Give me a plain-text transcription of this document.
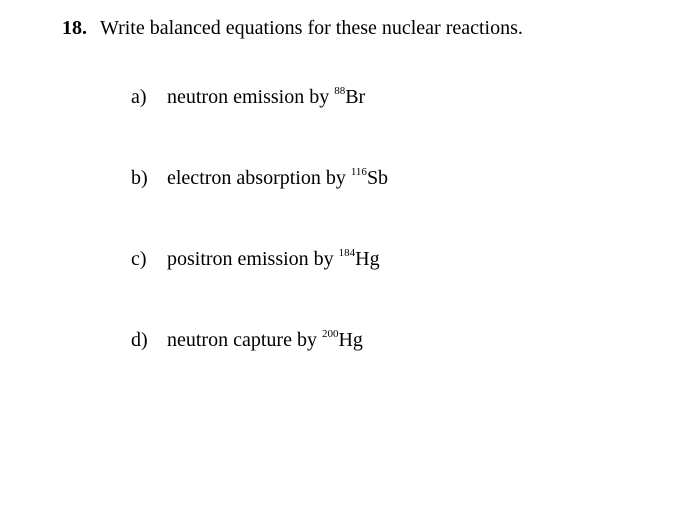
18. Write balanced equations for these nuclear reactions.
a) neutron emission by $^{88}$Br
b) electron absorption by $^{116}$Sb
c) positron emission by $^{184}$Hg
d) neutron capture by $^{200}$Hg
